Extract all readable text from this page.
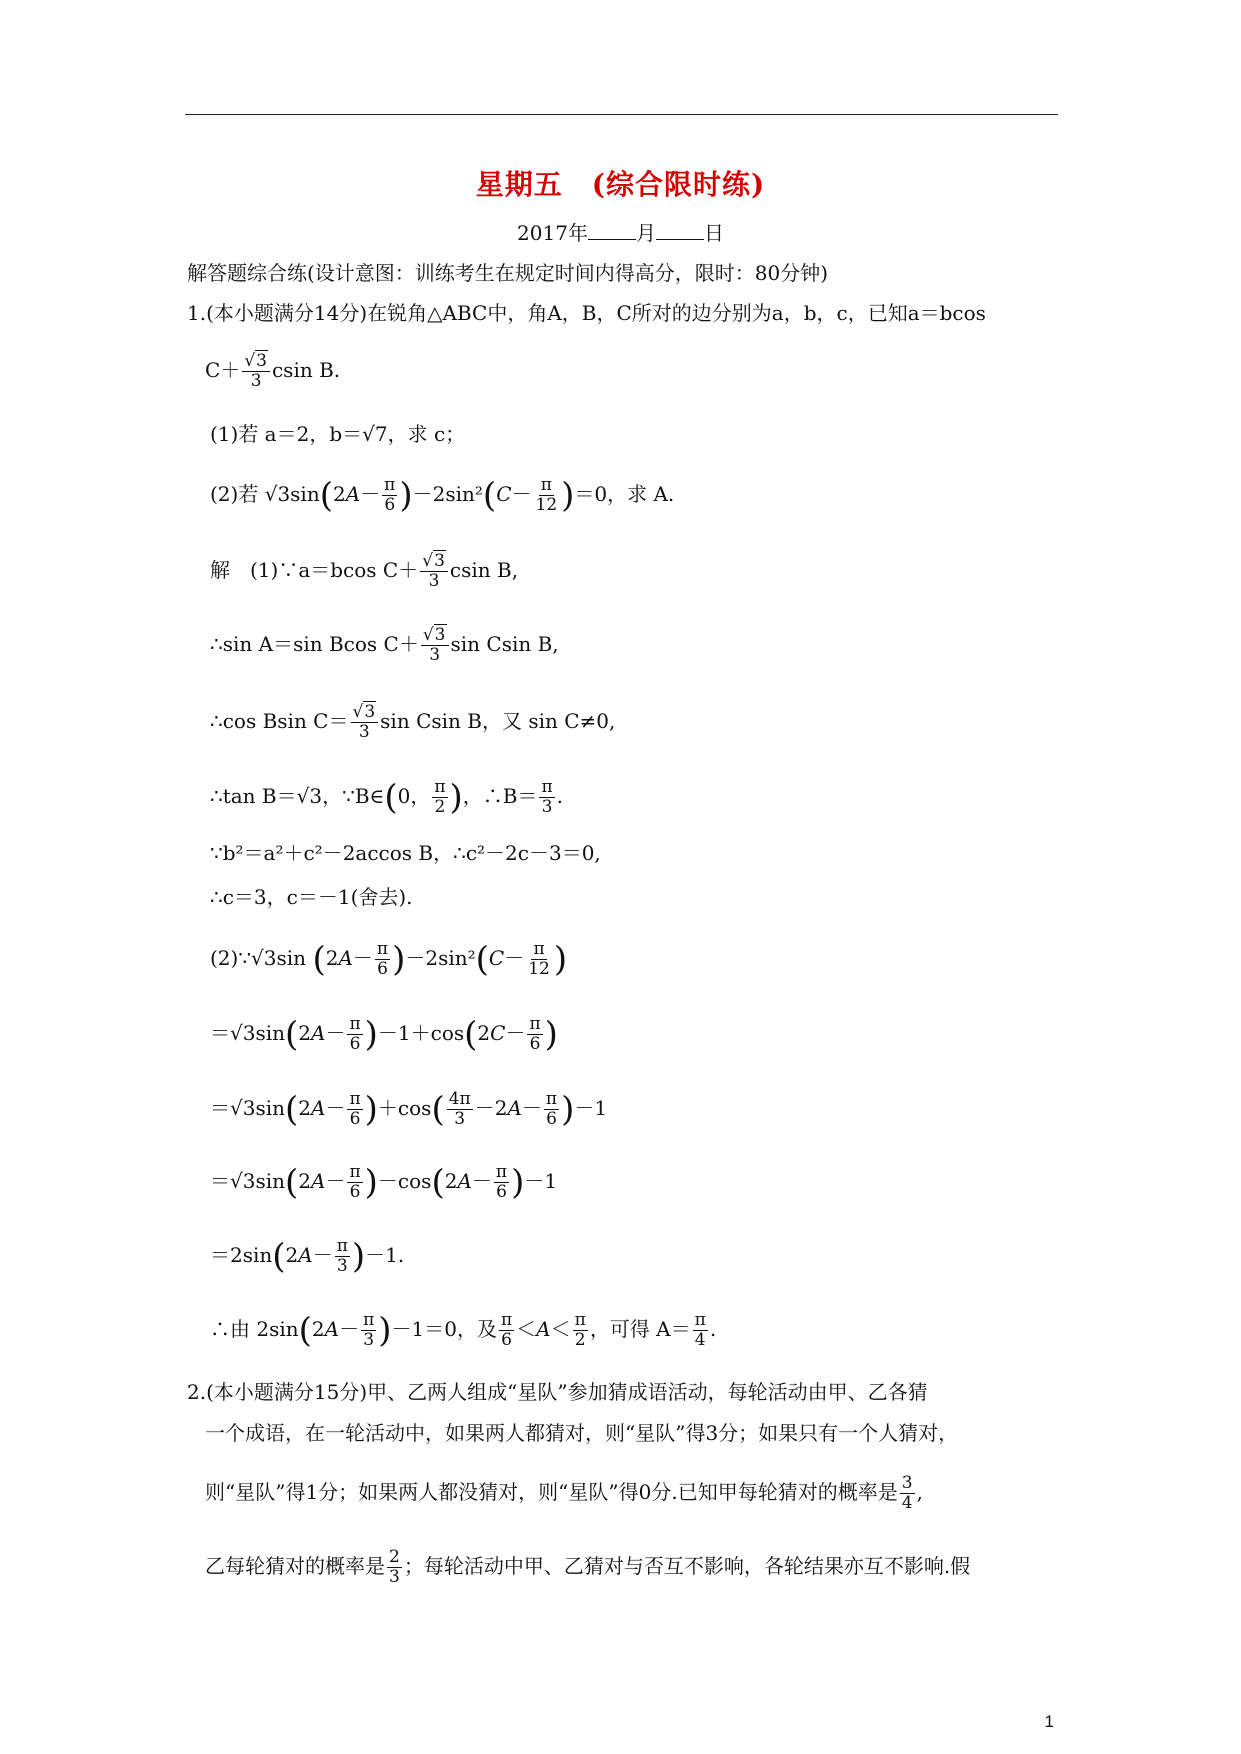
星期五　(综合限时练)
2017年 月 日
解答题综合练(设计意图：训练考生在规定时间内得高分，限时：80分钟)
1.(本小题满分14分)在锐角△ABC中，角A，B，C所对的边分别为a，b，c，已知a＝bcos
$C+ \frac{√3}{3}$ csin B.
(1)若 a＝2，b＝√7，求 c；
(2)若 $√3\sin(2A- \frac{\pi}{6} )-2\sin^2(C- \frac{\pi}{12} )=0$，求 A.
解　(1)∵a＝bcos $C+ \frac{√3}{3}$ csin B,
∴sin A＝sin Bcos $C+ \frac{√3}{3}$ sin Csin B,
∴cos Bsin $C= \frac{√3}{3}$ sin Csin B，又 sin C≠0,
∴tan B＝√3，∵B∈(0， $\frac{\pi}{2}$ )，∴B＝ $\frac{\pi}{3}$ .
∵b²＝a²＋c²－2accos B，∴c²－2c－3＝0,
∴c＝3，c＝－1(舍去).
(2)∵√3sin $(2A- \frac{\pi}{6} )-2\sin^2(C- \frac{\pi}{12}$ )
$=√3\sin(2A- \frac{\pi}{6} )-1+\cos(2C- \frac{\pi}{6}$ )
$=√3\sin(2A- \frac{\pi}{6} )+\cos( \frac{4\pi}{3} -2A- \frac{\pi}{6} )-1$
$=√3\sin(2A- \frac{\pi}{6} )-\cos(2A- \frac{\pi}{6} )-1$
$=2\sin(2A- \frac{\pi}{3} )-1$.
∴由 $2\sin(2A- \frac{\pi}{3} )-1=0$，及 $\frac{\pi}{6} <A< \frac{\pi}{2}$ ，可得 $A= \frac{\pi}{4}$ .
2.(本小题满分15分)甲、乙两人组成“星队”参加猜成语活动，每轮活动由甲、乙各猜
一个成语，在一轮活动中，如果两人都猜对，则“星队”得3分；如果只有一个人猜对，
则“星队”得1分；如果两人都没猜对，则“星队”得0分.已知甲每轮猜对的概率是 $\frac{3}{4}$ ,
乙每轮猜对的概率是 $\frac{2}{3}$ ；每轮活动中甲、乙猜对与否互不影响，各轮结果亦互不影响.假
1
